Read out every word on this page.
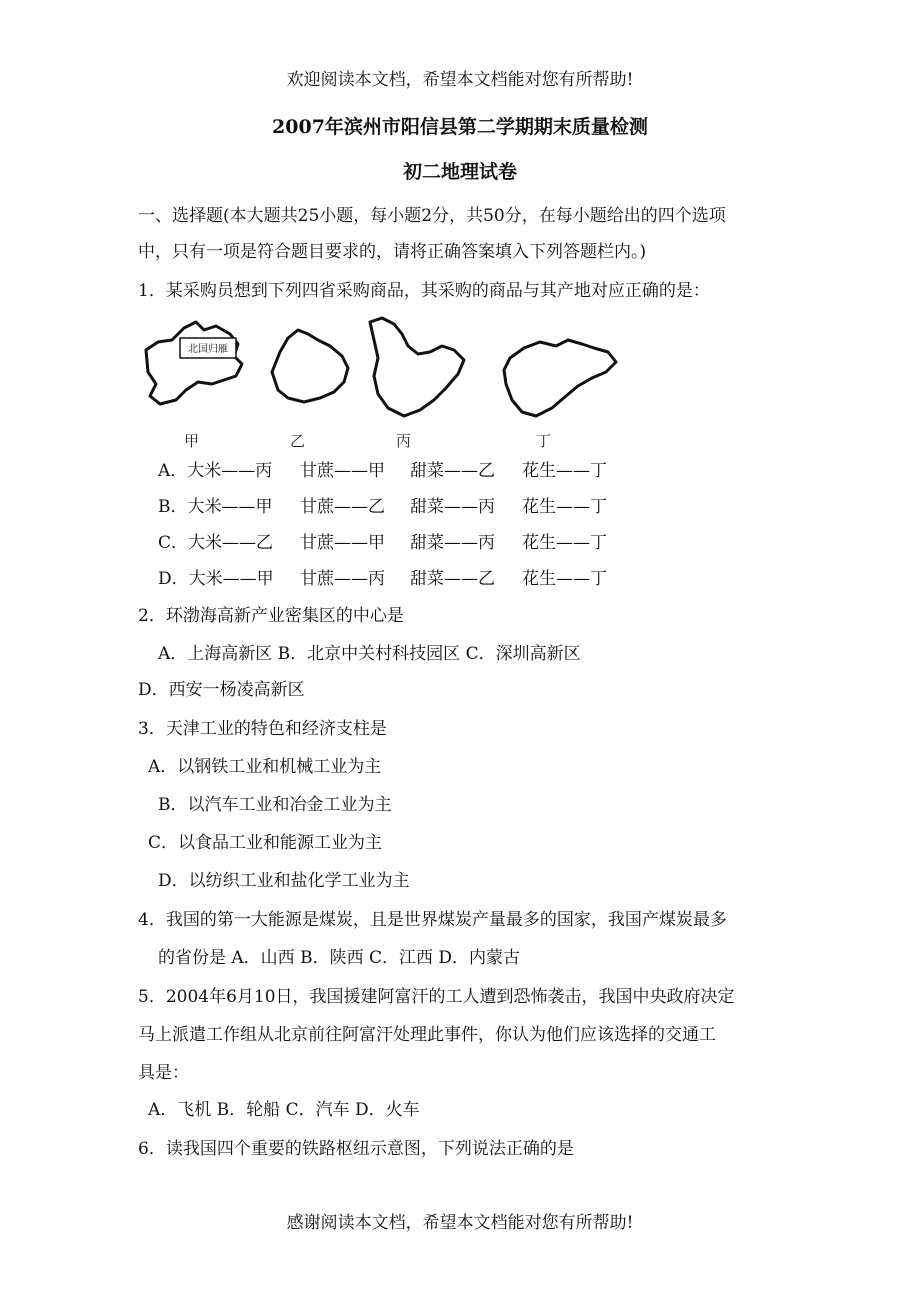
欢迎阅读本文档，希望本文档能对您有所帮助!
2007年滨州市阳信县第二学期期末质量检测
初二地理试卷
一、选择题(本大题共25小题，每小题2分，共50分，在每小题给出的四个选项
中，只有一项是符合题目要求的，请将正确答案填入下列答题栏内。)
1．某采购员想到下列四省采购商品，其采购的商品与其产地对应正确的是：
北国归雁
甲	乙	丙	丁
A．大米——丙 甘蔗——甲 甜菜——乙 花生——丁
B．大米——甲 甘蔗——乙 甜菜——丙 花生——丁
C．大米——乙 甘蔗——甲 甜菜——丙 花生——丁
D．大米——甲 甘蔗——丙 甜菜——乙 花生——丁
2．环渤海高新产业密集区的中心是
A．上海高新区 B．北京中关村科技园区 C．深圳高新区
D．西安一杨凌高新区
3．天津工业的特色和经济支柱是
A．以钢铁工业和机械工业为主
B．以汽车工业和冶金工业为主
C．以食品工业和能源工业为主
D．以纺织工业和盐化学工业为主
4．我国的第一大能源是煤炭，且是世界煤炭产量最多的国家，我国产煤炭最多
的省份是 A．山西 B．陕西 C．江西 D．内蒙古
5．2004年6月10日，我国援建阿富汗的工人遭到恐怖袭击，我国中央政府决定
马上派遣工作组从北京前往阿富汗处理此事件，你认为他们应该选择的交通工
具是：
A．飞机 B．轮船 C．汽车 D．火车
6．读我国四个重要的铁路枢纽示意图，下列说法正确的是
感谢阅读本文档，希望本文档能对您有所帮助!
